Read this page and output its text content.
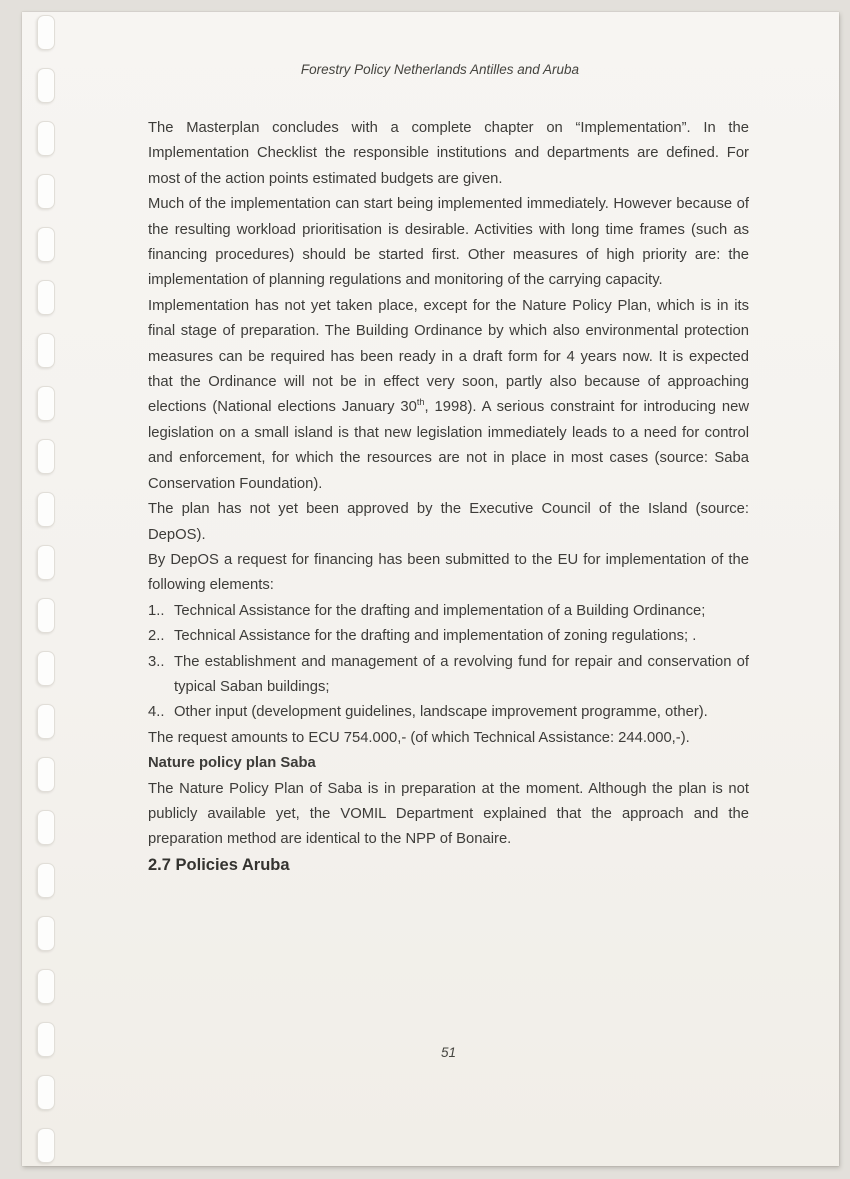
Forestry Policy Netherlands Antilles and Aruba

The Masterplan concludes with a complete chapter on “Implementation”. In the Implementation Checklist the responsible institutions and departments are defined. For most of the action points estimated budgets are given.

Much of the implementation can start being implemented immediately. However because of the resulting workload prioritisation is desirable. Activities with long time frames (such as financing procedures) should be started first. Other measures of high priority are: the implementation of planning regulations and monitoring of the carrying capacity.

Implementation has not yet taken place, except for the Nature Policy Plan, which is in its final stage of preparation. The Building Ordinance by which also environmental protection measures can be required has been ready in a draft form for 4 years now. It is expected that the Ordinance will not be in effect very soon, partly also because of approaching elections (National elections January 30th, 1998). A serious constraint for introducing new legislation on a small island is that new legislation immediately leads to a need for control and enforcement, for which the resources are not in place in most cases (source: Saba Conservation Foundation).

The plan has not yet been approved by the Executive Council of the Island (source: DepOS).

By DepOS a request for financing has been submitted to the EU for implementation of the following elements:

1.. Technical Assistance for the drafting and implementation of a Building Ordinance;

2.. Technical Assistance for the drafting and implementation of zoning regulations; .

3.. The establishment and management of a revolving fund for repair and conservation of typical Saban buildings;

4.. Other input (development guidelines, landscape improvement programme, other).

The request amounts to ECU 754.000,- (of which Technical Assistance: 244.000,-).

Nature policy plan Saba

The Nature Policy Plan of Saba is in preparation at the moment. Although the plan is not publicly available yet, the VOMIL Department explained that the approach and the preparation method are identical to the NPP of Bonaire.

2.7 Policies Aruba

51
